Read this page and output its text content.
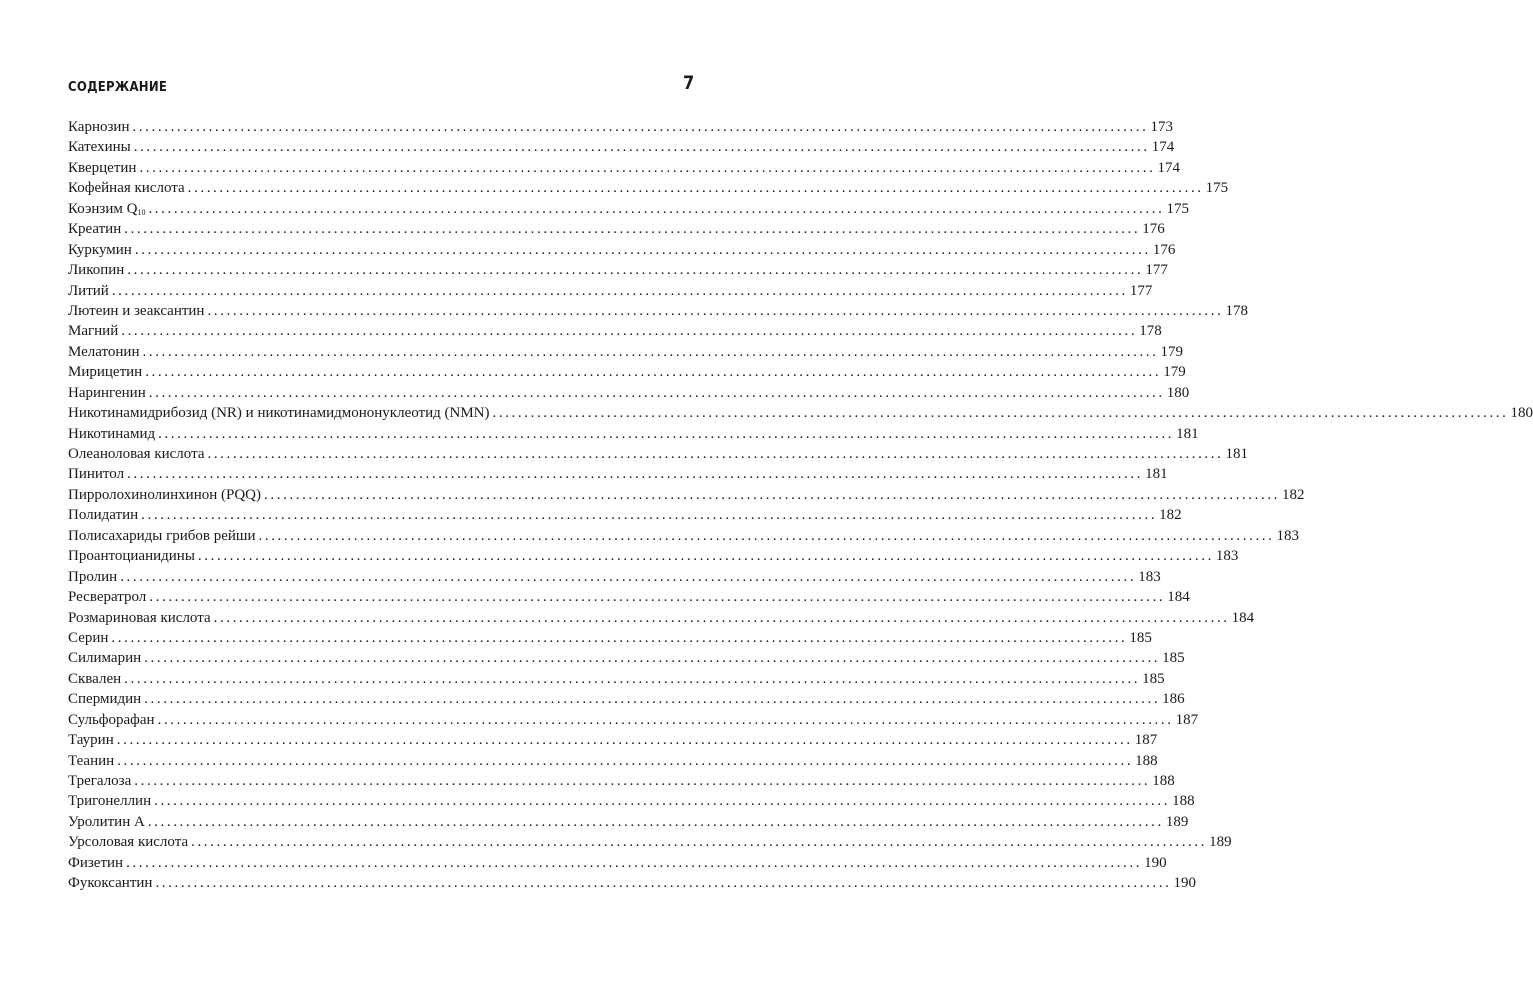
СОДЕРЖАНИЕ	7
Карнозин ................................................................................................................................................................ 173
Катехины ................................................................................................................................................................ 174
Кверцетин ................................................................................................................................................................ 174
Кофейная кислота ................................................................................................................................................................ 175
Коэнзим $Q_{10}$ ................................................................................................................................................................ 175
Креатин ................................................................................................................................................................ 176
Куркумин ................................................................................................................................................................ 176
Ликопин ................................................................................................................................................................ 177
Литий ................................................................................................................................................................ 177
Лютеин и зеаксантин ................................................................................................................................................................ 178
Магний ................................................................................................................................................................ 178
Мелатонин ................................................................................................................................................................ 179
Мирицетин ................................................................................................................................................................ 179
Нарингенин ................................................................................................................................................................ 180
Никотинамидрибозид (NR) и никотинамидмононуклеотид (NMN) ................................................................................................................................................................ 180
Никотинамид ................................................................................................................................................................ 181
Олеаноловая кислота ................................................................................................................................................................ 181
Пинитол ................................................................................................................................................................ 181
Пирролохинолинхинон (PQQ) ................................................................................................................................................................ 182
Полидатин ................................................................................................................................................................ 182
Полисахариды грибов рейши ................................................................................................................................................................ 183
Проантоцианидины ................................................................................................................................................................ 183
Пролин ................................................................................................................................................................ 183
Ресвератрол ................................................................................................................................................................ 184
Розмариновая кислота ................................................................................................................................................................ 184
Серин ................................................................................................................................................................ 185
Силимарин ................................................................................................................................................................ 185
Сквален ................................................................................................................................................................ 185
Спермидин ................................................................................................................................................................ 186
Сульфорафан ................................................................................................................................................................ 187
Таурин ................................................................................................................................................................ 187
Теанин ................................................................................................................................................................ 188
Трегалоза ................................................................................................................................................................ 188
Тригонеллин ................................................................................................................................................................ 188
Уролитин А ................................................................................................................................................................ 189
Урсоловая кислота ................................................................................................................................................................ 189
Физетин ................................................................................................................................................................ 190
Фукоксантин ................................................................................................................................................................ 190
